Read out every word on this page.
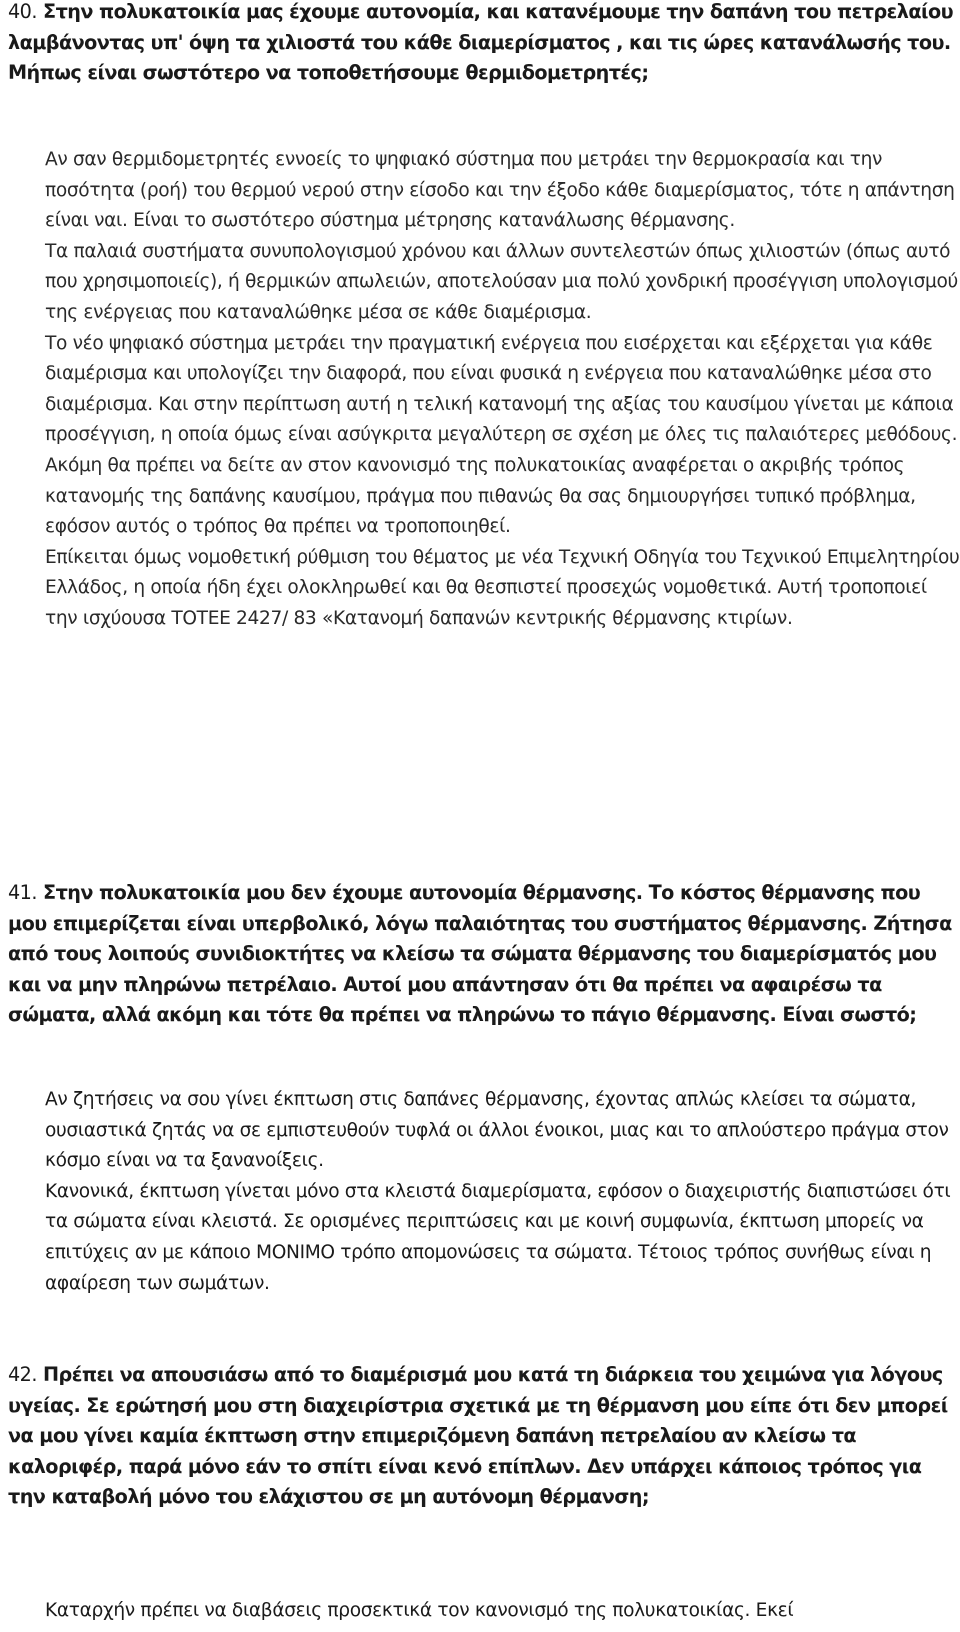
40. Στην πολυκατοικία μας έχουμε αυτονομία, και κατανέμουμε την δαπάνη του πετρελαίου λαμβάνοντας υπ' όψη τα χιλιοστά του κάθε διαμερίσματος , και τις ώρες κατανάλωσής του. Μήπως είναι σωστότερο να τοποθετήσουμε θερμιδομετρητές;

Αν σαν θερμιδομετρητές εννοείς το ψηφιακό σύστημα που μετράει την θερμοκρασία και την ποσότητα (ροή) του θερμού νερού στην είσοδο και την έξοδο κάθε διαμερίσματος, τότε η απάντηση είναι ναι. Είναι το σωστότερο σύστημα μέτρησης κατανάλωσης θέρμανσης.

Τα παλαιά συστήματα συνυπολογισμού χρόνου και άλλων συντελεστών όπως χιλιοστών (όπως αυτό που χρησιμοποιείς), ή θερμικών απωλειών, αποτελούσαν μια πολύ χονδρική προσέγγιση υπολογισμού της ενέργειας που καταναλώθηκε μέσα σε κάθε διαμέρισμα.

Το νέο ψηφιακό σύστημα μετράει την πραγματική ενέργεια που εισέρχεται και εξέρχεται για κάθε διαμέρισμα και υπολογίζει την διαφορά, που είναι φυσικά η ενέργεια που καταναλώθηκε μέσα στο διαμέρισμα. Και στην περίπτωση αυτή η τελική κατανομή της αξίας του καυσίμου γίνεται με κάποια προσέγγιση, η οποία όμως είναι ασύγκριτα μεγαλύτερη σε σχέση με όλες τις παλαιότερες μεθόδους.

Ακόμη θα πρέπει να δείτε αν στον κανονισμό της πολυκατοικίας αναφέρεται ο ακριβής τρόπος κατανομής της δαπάνης καυσίμου, πράγμα που πιθανώς θα σας δημιουργήσει τυπικό πρόβλημα, εφόσον αυτός ο τρόπος θα πρέπει να τροποποιηθεί.

Επίκειται όμως νομοθετική ρύθμιση του θέματος με νέα Τεχνική Οδηγία του Τεχνικού Επιμελητηρίου Ελλάδος, η οποία ήδη έχει ολοκληρωθεί και θα θεσπιστεί προσεχώς νομοθετικά. Αυτή τροποποιεί την ισχύουσα ΤΟΤΕΕ 2427/ 83 «Κατανομή δαπανών κεντρικής θέρμανσης κτιρίων.

41. Στην πολυκατοικία μου δεν έχουμε αυτονομία θέρμανσης. Το κόστος θέρμανσης που μου επιμερίζεται είναι υπερβολικό, λόγω παλαιότητας του συστήματος θέρμανσης. Ζήτησα από τους λοιπούς συνιδιοκτήτες να κλείσω τα σώματα θέρμανσης του διαμερίσματός μου και να μην πληρώνω πετρέλαιο. Αυτοί μου απάντησαν ότι θα πρέπει να αφαιρέσω τα σώματα, αλλά ακόμη και τότε θα πρέπει να πληρώνω το πάγιο θέρμανσης. Είναι σωστό;

Αν ζητήσεις να σου γίνει έκπτωση στις δαπάνες θέρμανσης, έχοντας απλώς κλείσει τα σώματα, ουσιαστικά ζητάς να σε εμπιστευθούν τυφλά οι άλλοι ένοικοι, μιας και το απλούστερο πράγμα στον κόσμο είναι να τα ξανανοίξεις.

Κανονικά, έκπτωση γίνεται μόνο στα κλειστά διαμερίσματα, εφόσον ο διαχειριστής διαπιστώσει ότι τα σώματα είναι κλειστά. Σε ορισμένες περιπτώσεις και με κοινή συμφωνία, έκπτωση μπορείς να επιτύχεις αν με κάποιο ΜΟΝΙΜΟ τρόπο απομονώσεις τα σώματα. Τέτοιος τρόπος συνήθως είναι η αφαίρεση των σωμάτων.

42. Πρέπει να απουσιάσω από το διαμέρισμά μου κατά τη διάρκεια του χειμώνα για λόγους υγείας. Σε ερώτησή μου στη διαχειρίστρια σχετικά με τη θέρμανση μου είπε ότι δεν μπορεί να μου γίνει καμία έκπτωση στην επιμεριζόμενη δαπάνη πετρελαίου αν κλείσω τα καλοριφέρ, παρά μόνο εάν το σπίτι είναι κενό επίπλων. Δεν υπάρχει κάποιος τρόπος για την καταβολή μόνο του ελάχιστου σε μη αυτόνομη θέρμανση;

Καταρχήν πρέπει να διαβάσεις προσεκτικά τον κανονισμό της πολυκατοικίας. Εκεί
